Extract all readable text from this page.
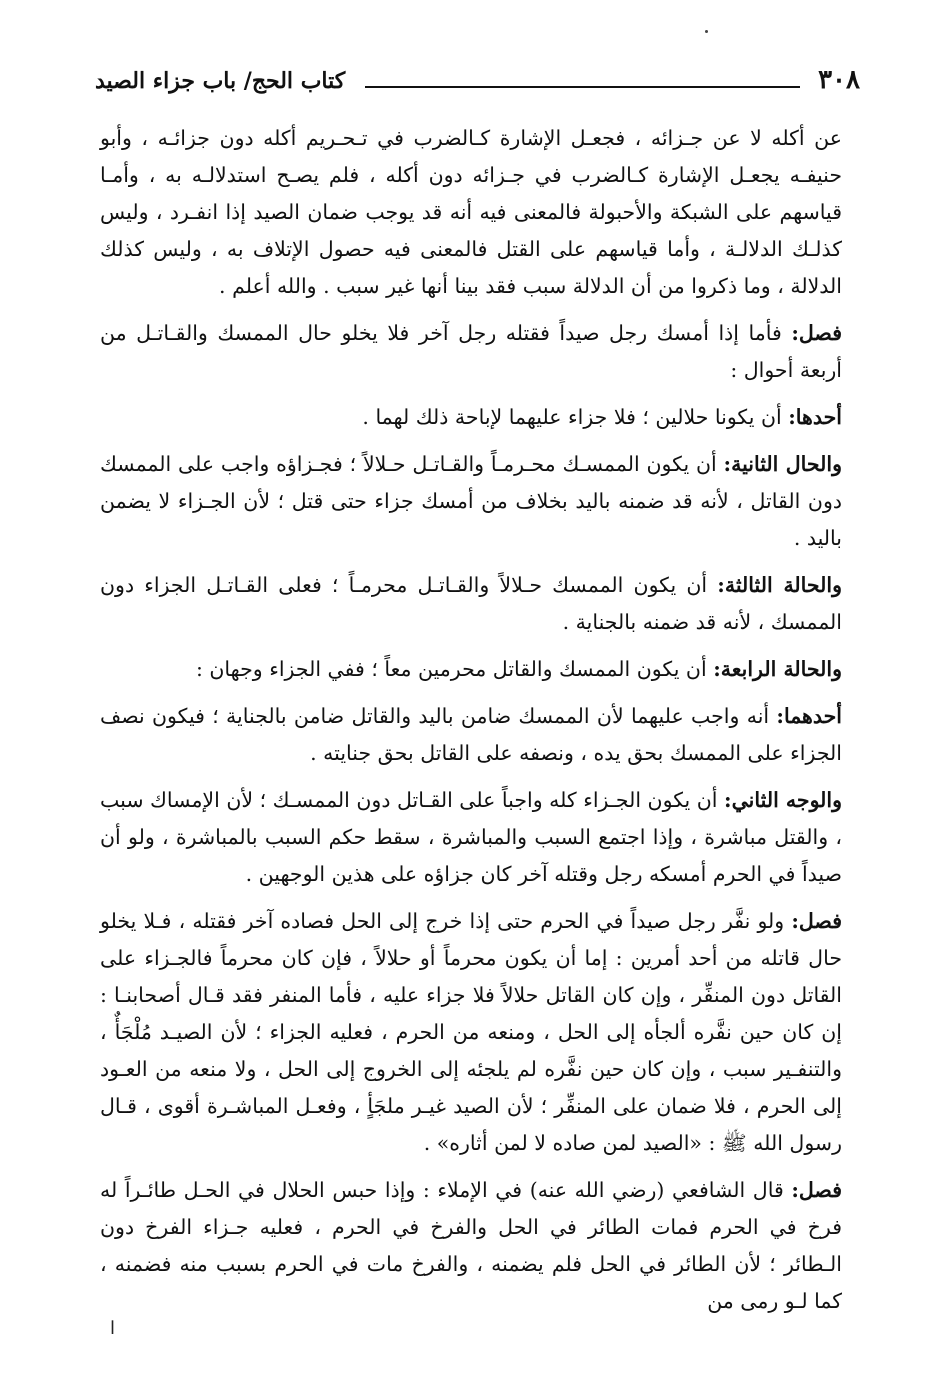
٣٠٨
كتاب الحج/ باب جزاء الصيد

عن أكله لا عن جـزائه ، فجعـل الإشارة كـالضرب في تـحـريم أكله دون جزائـه ، وأبو حنيفـه يجعـل الإشارة كـالضرب في جـزائه دون أكله ، فلم يصـح استدلالـه به ، وأمـا قياسهم على الشبكة والأحبولة فالمعنى فيه أنه قد يوجب ضمان الصيد إذا انفـرد ، وليس كذلـك الدلالـة ، وأما قياسهم على القتل فالمعنى فيه حصول الإتلاف به ، وليس كذلك الدلالة ، وما ذكروا من أن الدلالة سبب فقد بينا أنها غير سبب . والله أعلم .

فصل: فأما إذا أمسك رجل صيداً فقتله رجل آخر فلا يخلو حال الممسك والقـاتـل من أربعة أحوال :

أحدها: أن يكونا حلالين ؛ فلا جزاء عليهما لإباحة ذلك لهما .

والحال الثانية: أن يكون الممسـك محـرمـاً والقـاتـل حـلالاً ؛ فجـزاؤه واجب على الممسك دون القاتل ، لأنه قد ضمنه باليد بخلاف من أمسك جزاء حتى قتل ؛ لأن الجـزاء لا يضمن باليد .

والحالة الثالثة: أن يكون الممسك حـلالاً والقـاتـل محرمـاً ؛ فعلى القـاتـل الجزاء دون الممسك ، لأنه قد ضمنه بالجناية .

والحالة الرابعة: أن يكون الممسك والقاتل محرمين معاً ؛ ففي الجزاء وجهان :

أحدهما: أنه واجب عليهما لأن الممسك ضامن باليد والقاتل ضامن بالجناية ؛ فيكون نصف الجزاء على الممسك بحق يده ، ونصفه على القاتل بحق جنايته .

والوجه الثاني: أن يكون الجـزاء كله واجباً على القـاتل دون الممسـك ؛ لأن الإمساك سبب ، والقتل مباشرة ، وإذا اجتمع السبب والمباشرة ، سقط حكم السبب بالمباشرة ، ولو أن صيداً في الحرم أمسكه رجل وقتله آخر كان جزاؤه على هذين الوجهين .

فصل: ولو نفَّر رجل صيداً في الحرم حتى إذا خرج إلى الحل فصاده آخر فقتله ، فـلا يخلو حال قاتله من أحد أمرين : إما أن يكون محرماً أو حلالاً ، فإن كان محرماً فالجـزاء على القاتل دون المنفِّر ، وإن كان القاتل حلالاً فلا جزاء عليه ، فأما المنفر فقد قـال أصحابنـا : إن كان حين نفَّره ألجأه إلى الحل ، ومنعه من الحرم ، فعليه الجزاء ؛ لأن الصيـد مُلْجَأٌ ، والتنفـير سبب ، وإن كان حين نفَّره لم يلجئه إلى الخروج إلى الحل ، ولا منعه من العـود إلى الحرم ، فلا ضمان على المنفِّر ؛ لأن الصيد غيـر ملجَأٍ ، وفعـل المباشـرة أقوى ، قـال رسول الله ﷺ : «الصيد لمن صاده لا لمن أثاره» .

فصل: قال الشافعي (رضي الله عنه) في الإملاء : وإذا حبس الحلال في الحـل طائـراً له فرخ في الحرم فمات الطائر في الحل والفرخ في الحرم ، فعليه جـزاء الفرخ دون الـطائر ؛ لأن الطائر في الحل فلم يضمنه ، والفرخ مات في الحرم بسبب منه فضمنه ، كما لـو رمى من

ا
